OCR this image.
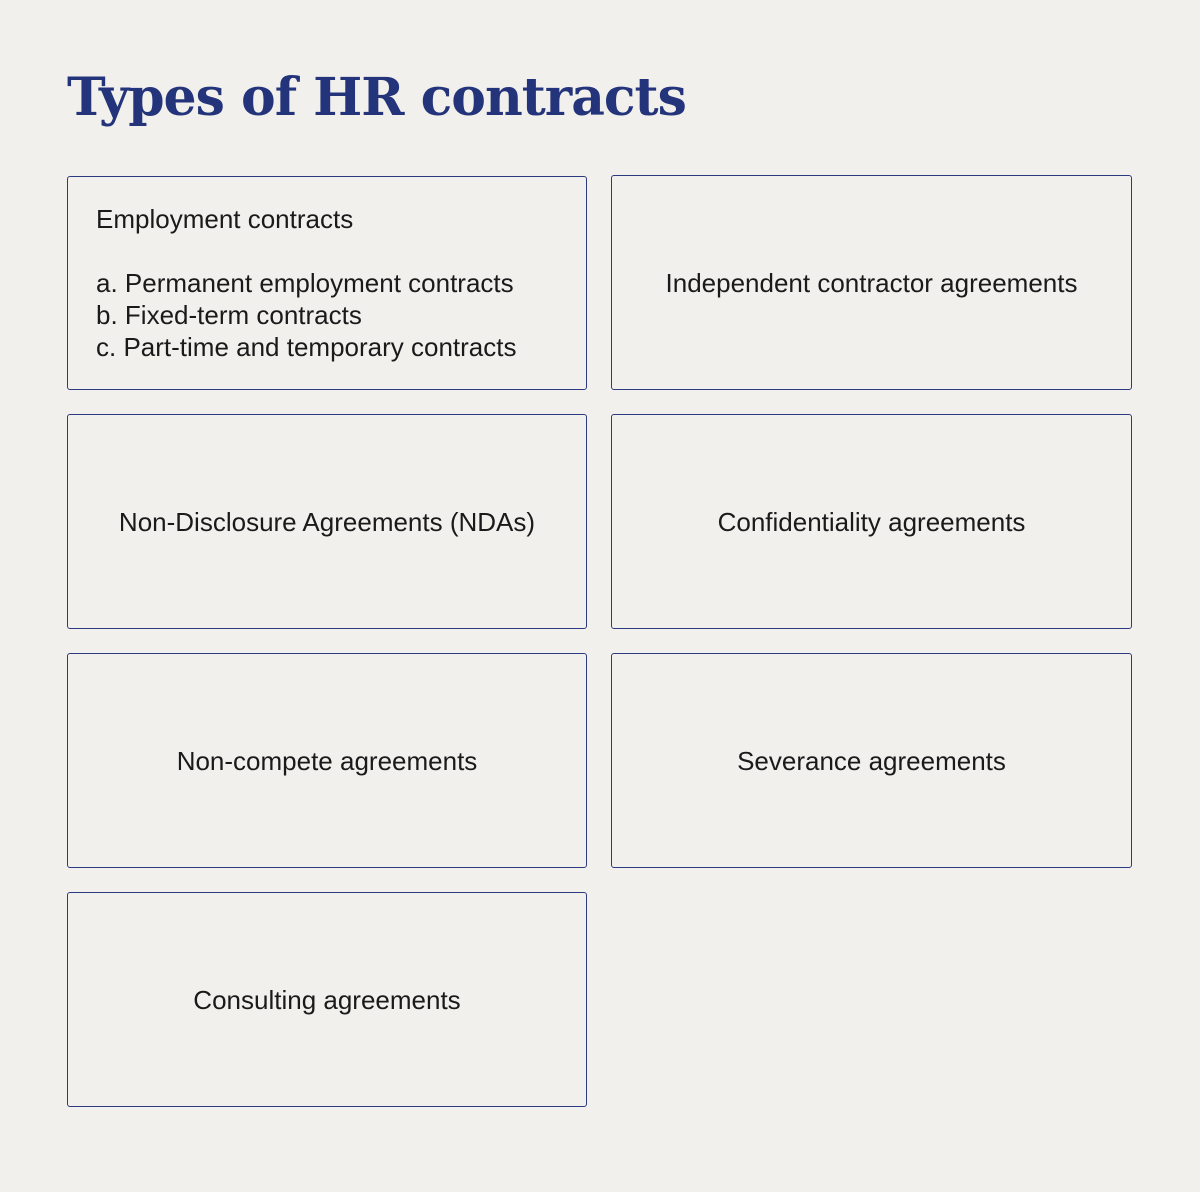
Types of HR contracts
Employment contracts
a. Permanent employment contracts
b. Fixed-term contracts
c. Part-time and temporary contracts
Independent contractor agreements
Non-Disclosure Agreements (NDAs)	Confidentiality agreements
Non-compete agreements	Severance agreements
Consulting agreements
